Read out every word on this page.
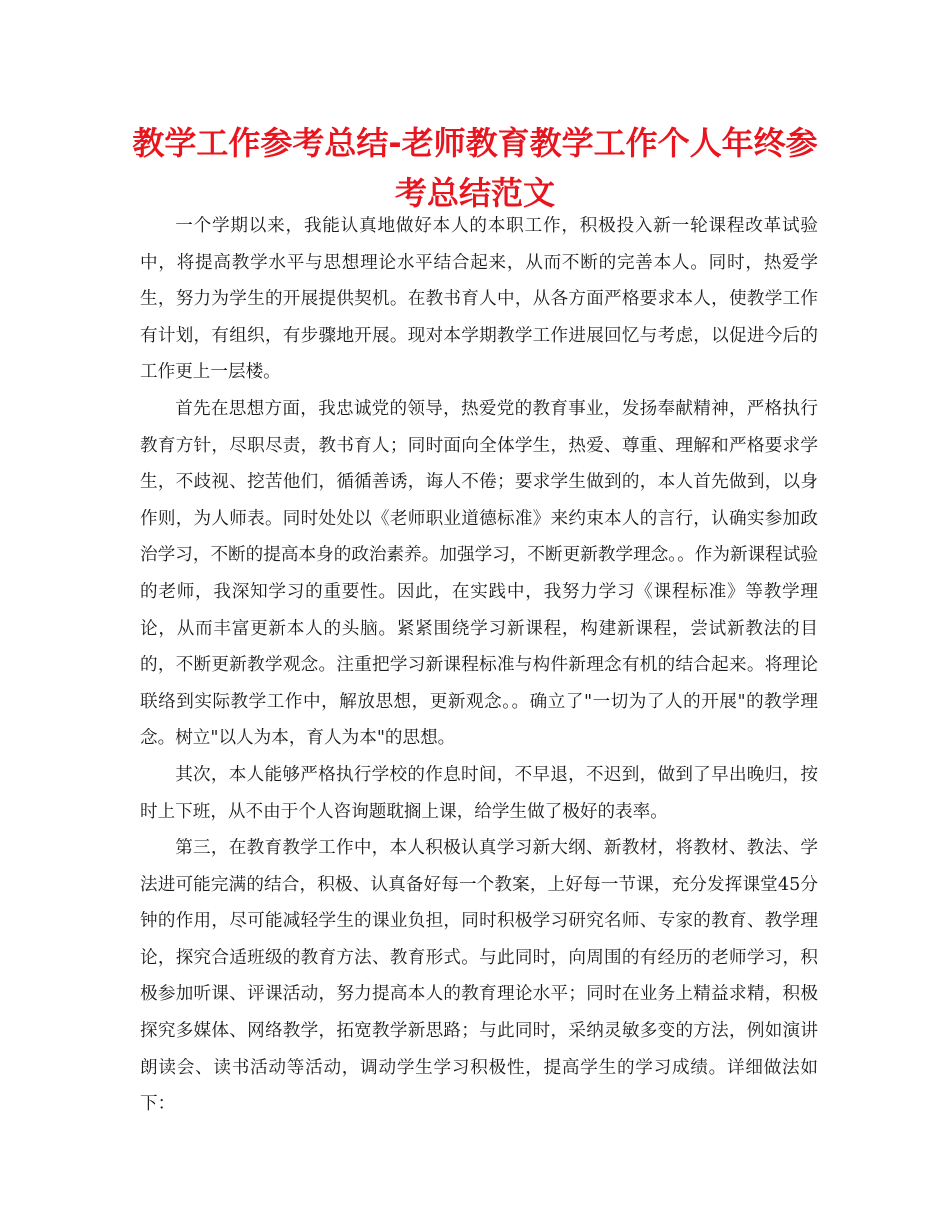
教学工作参考总结-老师教育教学工作个人年终参
考总结范文

一个学期以来，我能认真地做好本人的本职工作，积极投入新一轮课程改革试验中，将提高教学水平与思想理论水平结合起来，从而不断的完善本人。同时，热爱学生，努力为学生的开展提供契机。在教书育人中，从各方面严格要求本人，使教学工作有计划，有组织，有步骤地开展。现对本学期教学工作进展回忆与考虑，以促进今后的工作更上一层楼。

首先在思想方面，我忠诚党的领导，热爱党的教育事业，发扬奉献精神，严格执行教育方针，尽职尽责，教书育人；同时面向全体学生，热爱、尊重、理解和严格要求学生，不歧视、挖苦他们，循循善诱，诲人不倦；要求学生做到的，本人首先做到，以身作则，为人师表。同时处处以《老师职业道德标准》来约束本人的言行，认确实参加政治学习，不断的提高本身的政治素养。加强学习，不断更新教学理念。。作为新课程试验的老师，我深知学习的重要性。因此，在实践中，我努力学习《课程标准》等教学理论，从而丰富更新本人的头脑。紧紧围绕学习新课程，构建新课程，尝试新教法的目的，不断更新教学观念。注重把学习新课程标准与构件新理念有机的结合起来。将理论联络到实际教学工作中，解放思想，更新观念。。确立了"一切为了人的开展"的教学理念。树立"以人为本，育人为本"的思想。

其次，本人能够严格执行学校的作息时间，不早退，不迟到，做到了早出晚归，按时上下班，从不由于个人咨询题耽搁上课，给学生做了极好的表率。

第三，在教育教学工作中，本人积极认真学习新大纲、新教材，将教材、教法、学法进可能完满的结合，积极、认真备好每一个教案，上好每一节课，充分发挥课堂45分钟的作用，尽可能减轻学生的课业负担，同时积极学习研究名师、专家的教育、教学理论，探究合适班级的教育方法、教育形式。与此同时，向周围的有经历的老师学习，积极参加听课、评课活动，努力提高本人的教育理论水平；同时在业务上精益求精，积极探究多媒体、网络教学，拓宽教学新思路；与此同时，采纳灵敏多变的方法，例如演讲朗读会、读书活动等活动，调动学生学习积极性，提高学生的学习成绩。详细做法如下：
